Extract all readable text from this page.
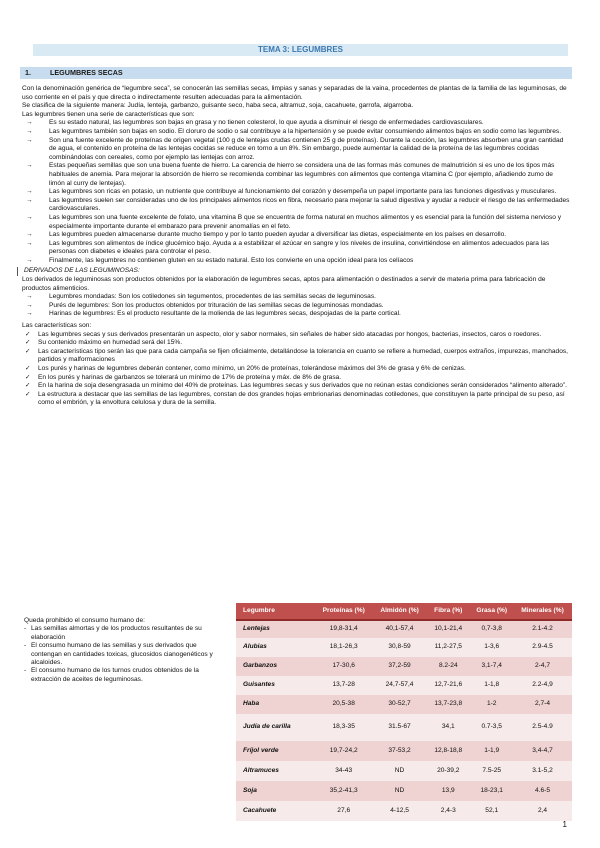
TEMA 3: LEGUMBRES
1.	LEGUMBRES SECAS

Con la denominación genérica de “legumbre seca”, se conocerán las semillas secas, limpias y sanas y separadas de la vaina, procedentes de plantas de la familia de las leguminosas, de uso corriente en el país y que directa o indirectamente resulten adecuadas para la alimentación.

Se clasifica de la siguiente manera: Judía, lenteja, garbanzo, guisante seco, haba seca, altramuz, soja, cacahuete, garrofa, algarroba.

Las legumbres tienen una serie de características que son:

→ Es su estado natural, las legumbres son bajas en grasa y no tienen colesterol, lo que ayuda a disminuir el riesgo de enfermedades cardiovasculares.
→ Las legumbres también son bajas en sodio. El cloruro de sodio o sal contribuye a la hipertensión y se puede evitar consumiendo alimentos bajos en sodio como las legumbres.
→ Son una fuente excelente de proteínas de origen vegetal (100 g de lentejas crudas contienen 25 g de proteínas). Durante la cocción, las legumbres absorben una gran cantidad de agua, el contenido en proteína de las lentejas cocidas se reduce en torno a un 8%. Sin embargo, puede aumentar la calidad de la proteína de las legumbres cocidas combinándolas con cereales, como por ejemplo las lentejas con arroz.
→ Estas pequeñas semillas que son una buena fuente de hierro. La carencia de hierro se considera una de las formas más comunes de malnutrición si es uno de los tipos más habituales de anemia. Para mejorar la absorción de hierro se recomienda combinar las legumbres con alimentos que contenga vitamina C (por ejemplo, añadiendo zumo de limón al curry de lentejas).
→ Las legumbres son ricas en potasio, un nutriente que contribuye al funcionamiento del corazón y desempeña un papel importante para las funciones digestivas y musculares.
→ Las legumbres suelen ser consideradas uno de los principales alimentos ricos en fibra, necesario para mejorar la salud digestiva y ayudar a reducir el riesgo de las enfermedades cardiovasculares.
→ Las legumbres son una fuente excelente de folato, una vitamina B que se encuentra de forma natural en muchos alimentos y es esencial para la función del sistema nervioso y especialmente importante durante el embarazo para prevenir anomalías en el feto.
→ Las legumbres pueden almacenarse durante mucho tiempo y por lo tanto pueden ayudar a diversificar las dietas, especialmente en los países en desarrollo.
→ Las legumbres son alimentos de índice glucémico bajo. Ayuda a a estabilizar el azúcar en sangre y los niveles de insulina, convirtiéndose en alimentos adecuados para las personas con diabetes e ideales para controlar el peso.
→ Finalmente, las legumbres no contienen gluten en su estado natural. Esto los convierte en una opción ideal para los celíacos

DERIVADOS DE LAS LEGUMINOSAS:

Los derivados de leguminosas son productos obtenidos por la elaboración de legumbres secas, aptos para alimentación o destinados a servir de materia prima para fabricación de productos alimenticios.

→ Legumbres mondadas: Son los cotiledones sin tegumentos, procedentes de las semillas secas de leguminosas.
→ Purés de legumbres: Son los productos obtenidos por trituración de las semillas secas de leguminosas mondadas.
→ Harinas de legumbres: Es el producto resultante de la molienda de las legumbres secas, despojadas de la parte cortical.

Las características son:

✓ Las legumbres secas y sus derivados presentarán un aspecto, olor y sabor normales, sin señales de haber sido atacadas por hongos, bacterias, insectos, caros o roedores.
✓ Su contenido máximo en humedad será del 15%.
✓ Las características tipo serán las que para cada campaña se fijen oficialmente, detallándose la tolerancia en cuanto se refiere a humedad, cuerpos extraños, impurezas, manchados, partidos y malformaciones
✓ Los purés y harinas de legumbres deberán contener, como mínimo, un 20% de proteínas, tolerándose máximos del 3% de grasa y 6% de cenizas.
✓ En los purés y harinas de garbanzos se tolerará un mínimo de 17% de proteína y máx. de 8% de grasa.
✓ En la harina de soja desengrasada un mínimo del 40% de proteínas. Las legumbres secas y sus derivados que no reúnan estas condiciones serán considerados “alimento alterado”.
✓ La estructura a destacar que las semillas de las legumbres, constan de dos grandes hojas embrionarias denominadas cotiledones, que constituyen la parte principal de su peso, así como el embrión, y la envoltura celulosa y dura de la semilla.

Queda prohibido el consumo humano de:

- Las semillas almortas y de los productos resultantes de su elaboración
- El consumo humano de las semillas y sus derivados que contengan en cantidades toxicas, glucosidos cianogenéticos y alcaloides.
- El consumo humano de los turnos crudos obtenidos de la extracción de aceites de leguminosas.
Legumbre	Proteínas (%)	Almidón (%)	Fibra (%)	Grasa (%)	Minerales (%)
Lentejas	19,8-31,4	40,1-57,4	10,1-21,4	0,7-3,8	2.1-4.2
Alubias	18,1-26,3	30,8-59	11,2-27,5	1-3,6	2.9-4.5
Garbanzos	17-30,6	37,2-59	8.2-24	3,1-7,4	2-4,7
Guisantes	13,7-28	24,7-57,4	12,7-21,6	1-1,8	2.2-4,9
Haba	20,5-38	30-52,7	13,7-23,8	1-2	2,7-4
Judía de carilla	18,3-35	31.5-67	34,1	0.7-3,5	2.5-4.9
Fríjol verde	19,7-24,2	37-53,2	12,8-18,8	1-1,9	3,4-4,7
Altramuces	34-43	ND	20-39,2	7.5-25	3.1-5,2
Soja	35,2-41,3	ND	13,9	18-23,1	4.6-5
Cacahuete	27,6	4-12,5	2,4-3	52,1	2,4
1
